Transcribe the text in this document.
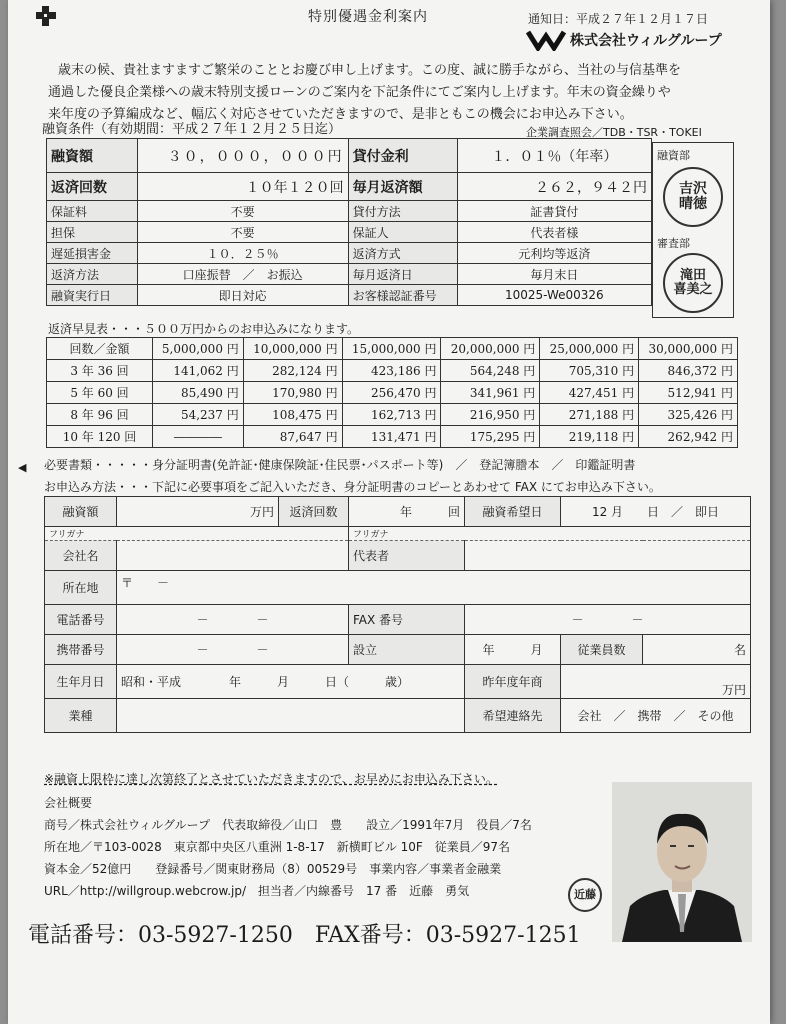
特別優遇金利案内	通知日：平成２７年１２月１７日
株式会社ウィルグループ
歳末の候、貴社ますますご繁栄のこととお慶び申し上げます。この度、誠に勝手ながら、当社の与信基準を
通過した優良企業様への歳末特別支援ローンのご案内を下記条件にてご案内し上げます。年末の資金繰りや
来年度の予算編成など、幅広く対応させていただきますので、是非ともこの機会にお申込み下さい。
融資条件（有効期間：平成２７年１２月２５日迄）	企業調査照会／TDB・TSR・TOKEI
融資額	３０，０００，０００円	貸付金利	１．０１％（年率）
返済回数	１０年１２０回	毎月返済額	２６２，９４２円
保証料	不要	貸付方法	証書貸付
担保	不要	保証人	代表者様
遅延損害金	１０．２５％	返済方式	元利均等返済
返済方法	口座振替　／　お振込	毎月返済日	毎月末日
融資実行日	即日対応	お客様認証番号	10025-We00326
融資部
吉沢
晴徳
審査部
滝田
喜美之
返済早見表・・・５００万円からのお申込みになります。
回数／金額	5,000,000 円	10,000,000 円	15,000,000 円	20,000,000 円	25,000,000 円	30,000,000 円
3 年 36 回	141,062 円	282,124 円	423,186 円	564,248 円	705,310 円	846,372 円
5 年 60 回	85,490 円	170,980 円	256,470 円	341,961 円	427,451 円	512,941 円
8 年 96 回	54,237 円	108,475 円	162,713 円	216,950 円	271,188 円	325,426 円
10 年 120 回	――――	87,647 円	131,471 円	175,295 円	219,118 円	262,942 円
必要書類・・・・・身分証明書(免許証･健康保険証･住民票･パスポート等)　／　登記簿謄本　／　印鑑証明書
お申込み方法・・・下記に必要事項をご記入いただき、身分証明書のコピーとあわせて FAX にてお申込み下さい。
融資額	万円	返済回数	年　　　回	融資希望日	12 月　　日　／　即日	
フリガナ			フリガナ			
会社名			代表者			
所在地	〒　　－					
電話番号	－　　　　－		FAX 番号	－　　　　－		
携帯番号	－　　　　－		設立	年　　　月	従業員数	名
生年月日	昭和・平成　　　　年　　　月　　　日（　　　歳）			昨年度年商	万円	
業種				希望連絡先	会社　／　携帯　／　その他	
※融資上限枠に達し次第終了とさせていただきますので、お早めにお申込み下さい。
会社概要
商号／株式会社ウィルグループ　代表取締役／山口　豊　　設立／1991年7月　役員／7名
所在地／〒103-0028　東京都中央区八重洲 1-8-17　新横町ビル 10F　従業員／97名
資本金／52億円　　登録番号／関東財務局（8）00529号　事業内容／事業者金融業
URL／http://willgroup.webcrow.jp/　担当者／内線番号　17 番　近藤　勇気	近藤
電話番号：03-5927-1250　FAX番号：03-5927-1251
◀
